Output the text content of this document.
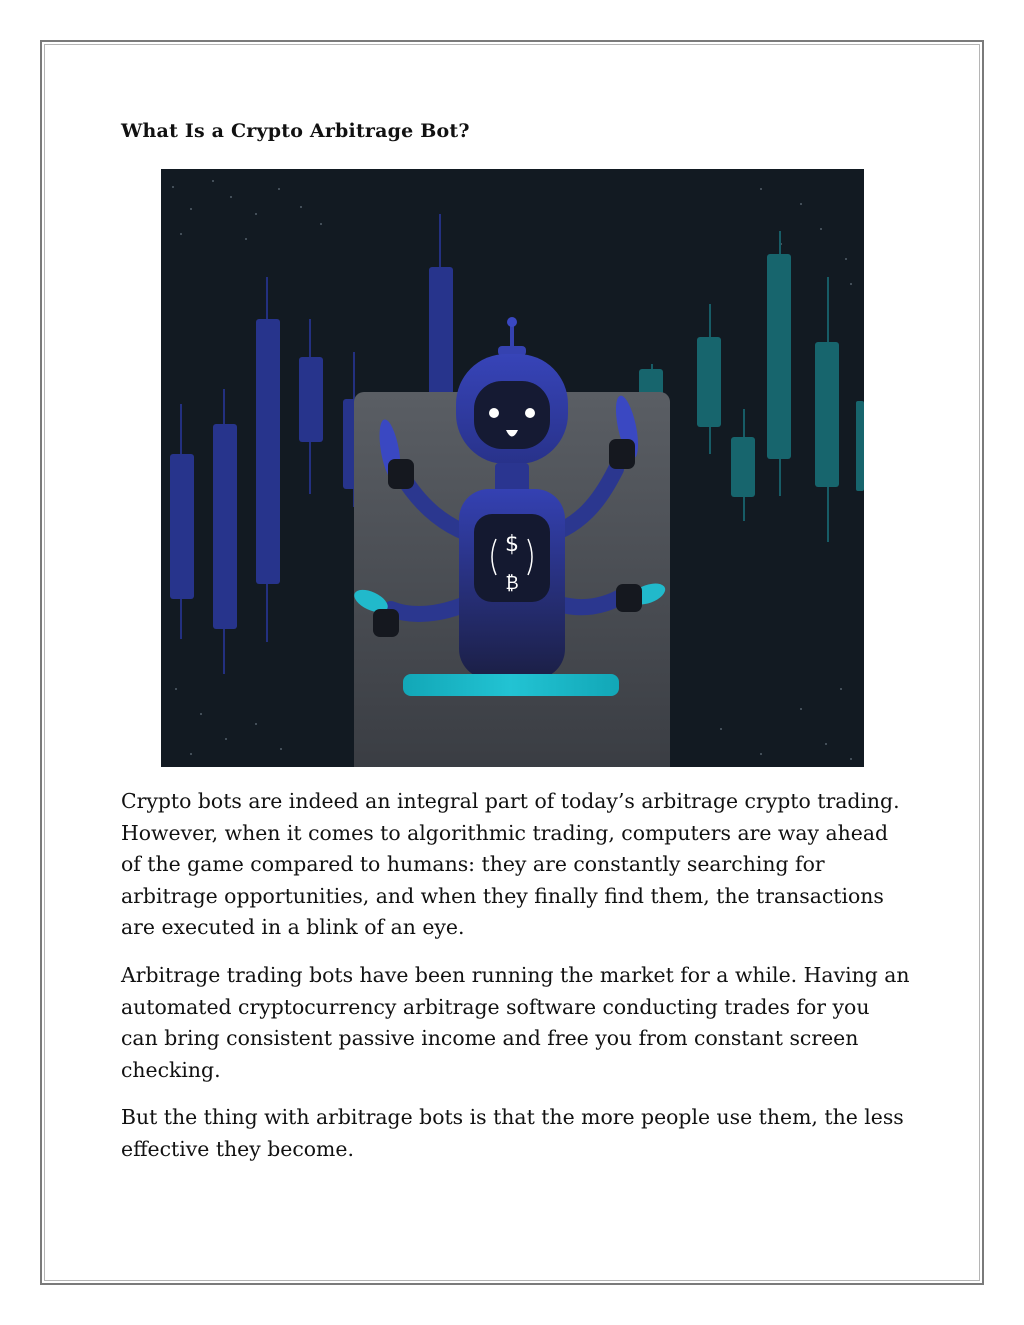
What Is a Crypto Arbitrage Bot?
$
₿

Crypto bots are indeed an integral part of today’s arbitrage crypto trading. However, when it comes to algorithmic trading, computers are way ahead of the game compared to humans: they are constantly searching for arbitrage opportunities, and when they finally find them, the transactions are executed in a blink of an eye.

Arbitrage trading bots have been running the market for a while. Having an automated cryptocurrency arbitrage software conducting trades for you can bring consistent passive income and free you from constant screen checking.

But the thing with arbitrage bots is that the more people use them, the less effective they become.
